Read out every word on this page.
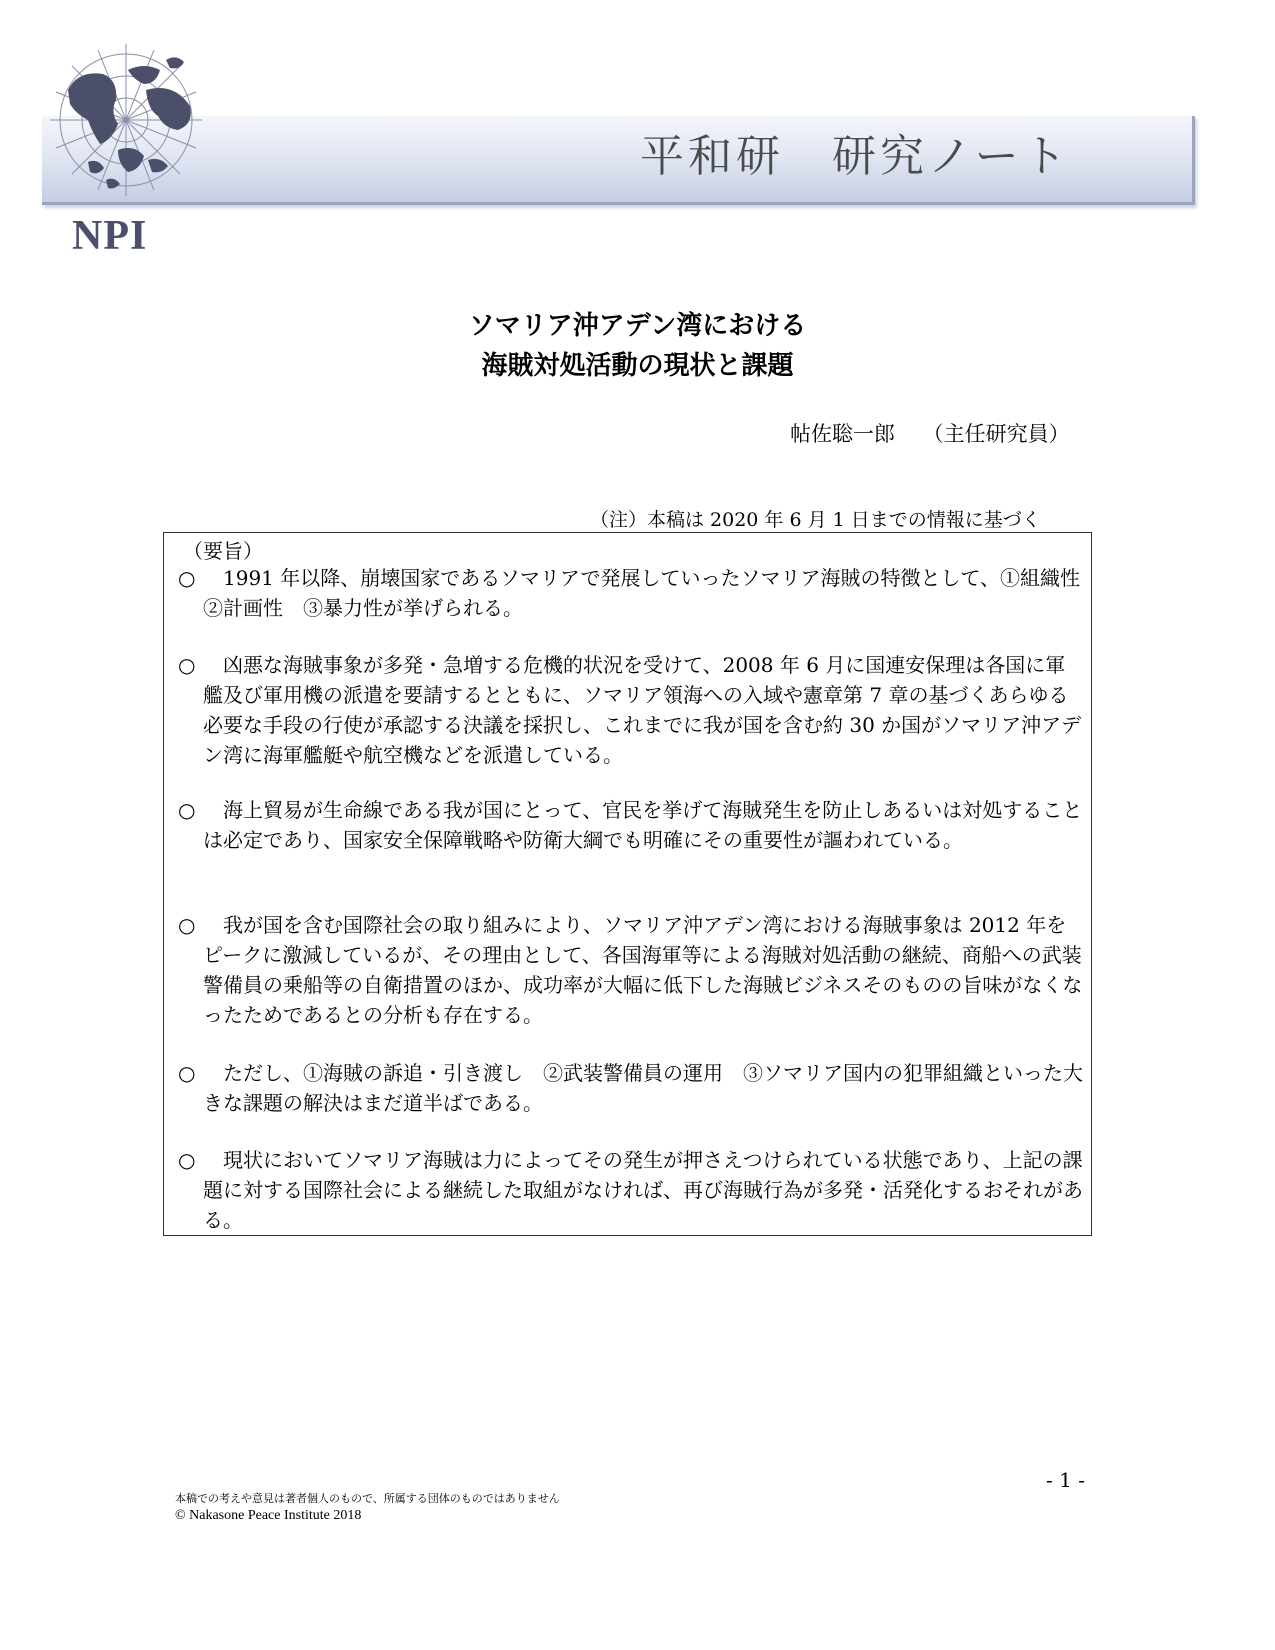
平和研　研究ノート
NPI
ソマリア沖アデン湾における
海賊対処活動の現状と課題
帖佐聡一郎　 （主任研究員）
（注）本稿は 2020 年 6 月 1 日までの情報に基づく
（要旨）
○	1991 年以降、崩壊国家であるソマリアで発展していったソマリア海賊の特徴として、①組織性　②計画性　③暴力性が挙げられる。
○	凶悪な海賊事象が多発・急増する危機的状況を受けて、2008 年 6 月に国連安保理は各国に軍艦及び軍用機の派遣を要請するとともに、ソマリア領海への入域や憲章第 7 章の基づくあらゆる必要な手段の行使が承認する決議を採択し、これまでに我が国を含む約 30 か国がソマリア沖アデン湾に海軍艦艇や航空機などを派遣している。
○	海上貿易が生命線である我が国にとって、官民を挙げて海賊発生を防止しあるいは対処することは必定であり、国家安全保障戦略や防衛大綱でも明確にその重要性が謳われている。
○	我が国を含む国際社会の取り組みにより、ソマリア沖アデン湾における海賊事象は 2012 年をピークに激減しているが、その理由として、各国海軍等による海賊対処活動の継続、商船への武装警備員の乗船等の自衛措置のほか、成功率が大幅に低下した海賊ビジネスそのものの旨味がなくなったためであるとの分析も存在する。
○	ただし、①海賊の訴追・引き渡し　②武装警備員の運用　③ソマリア国内の犯罪組織といった大きな課題の解決はまだ道半ばである。
○	現状においてソマリア海賊は力によってその発生が押さえつけられている状態であり、上記の課題に対する国際社会による継続した取組がなければ、再び海賊行為が多発・活発化するおそれがある。
- 1 -
本稿での考えや意見は著者個人のもので、所属する団体のものではありません
© Nakasone Peace Institute 2018
